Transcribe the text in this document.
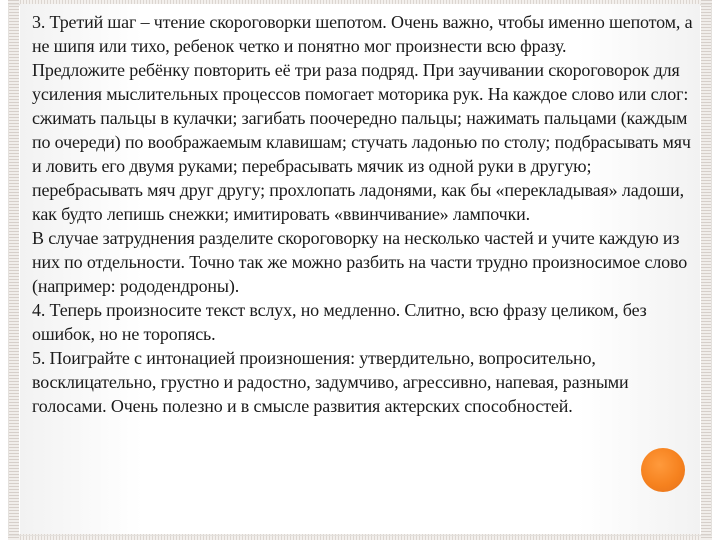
3. Третий шаг – чтение скороговорки шепотом. Очень важно, чтобы именно шепотом, а не шипя или тихо, ребенок четко и понятно мог произнести всю фразу.

Предложите ребёнку повторить её три раза подряд. При заучивании скороговорок для усиления мыслительных процессов помогает моторика рук. На каждое слово или слог: сжимать пальцы в кулачки; загибать поочередно пальцы; нажимать пальцами (каждым по очереди) по воображаемым клавишам; стучать ладонью по столу; подбрасывать мяч и ловить его двумя руками; перебрасывать мячик из одной руки в другую; перебрасывать мяч друг другу; прохлопать ладонями, как бы «перекладывая» ладоши, как будто лепишь снежки; имитировать «ввинчивание» лампочки.

В случае затруднения разделите скороговорку на несколько частей и учите каждую из них по отдельности. Точно так же можно разбить на части трудно произносимое слово (например: рододендроны).

4. Теперь произносите текст вслух, но медленно. Слитно, всю фразу целиком, без ошибок, но не торопясь.

5. Поиграйте с интонацией произношения: утвердительно, вопросительно, восклицательно, грустно и радостно, задумчиво, агрессивно, напевая, разными голосами. Очень полезно и в смысле развития актерских способностей.
